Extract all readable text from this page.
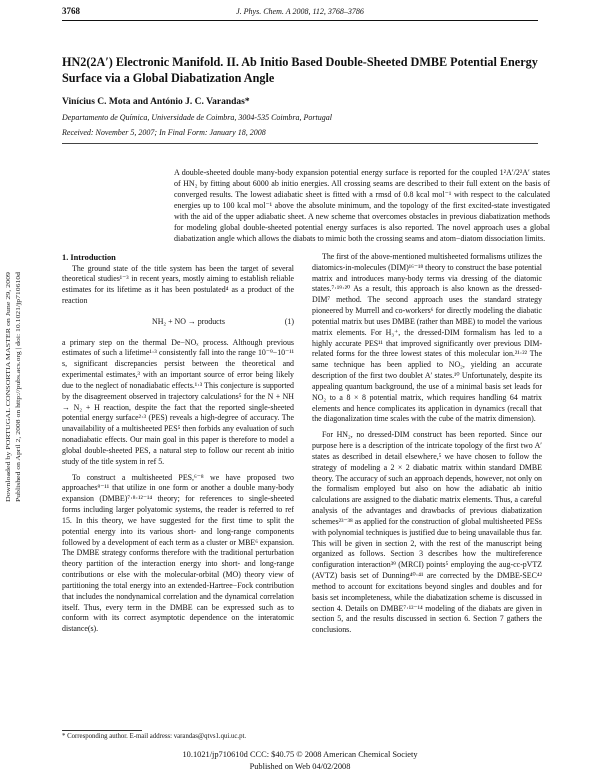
3768	J. Phys. Chem. A 2008, 112, 3768–3786
HN2(2A′) Electronic Manifold. II. Ab Initio Based Double-Sheeted DMBE Potential Energy Surface via a Global Diabatization Angle
Vinícius C. Mota and António J. C. Varandas*
Departamento de Química, Universidade de Coimbra, 3004-535 Coimbra, Portugal
Received: November 5, 2007; In Final Form: January 18, 2008
A double-sheeted double many-body expansion potential energy surface is reported for the coupled 1²A′/2²A′ states of HN₂ by fitting about 6000 ab initio energies. All crossing seams are described to their full extent on the basis of converged results. The lowest adiabatic sheet is fitted with a rmsd of 0.8 kcal mol⁻¹ with respect to the calculated energies up to 100 kcal mol⁻¹ above the absolute minimum, and the topology of the first excited-state investigated with the aid of the upper adiabatic sheet. A new scheme that overcomes obstacles in previous diabatization methods for modeling global double-sheeted potential energy surfaces is also reported. The novel approach uses a global diabatization angle which allows the diabats to mimic both the crossing seams and atom−diatom dissociation limits.
Downloaded by PORTUGAL CONSORTIA MASTER on June 29, 2009 Published on April 2, 2008 on http://pubs.acs.org | doi: 10.1021/jp710610d

1. Introduction

The ground state of the title system has been the target of several theoretical studies¹⁻³ in recent years, mostly aiming to establish reliable estimates for its lifetime as it has been postulated⁴ as a product of the reaction

NH₂ + NO → products	(1)

a primary step on the thermal De−NOₓ process. Although previous estimates of such a lifetime¹·³ consistently fall into the range 10⁻⁹−10⁻¹¹ s, significant discrepancies persist between the theoretical and experimental estimates,³ with an important source of error being likely due to the neglect of nonadiabatic effects.¹·³ This conjecture is supported by the disagreement observed in trajectory calculations⁵ for the N + NH → N₂ + H reaction, despite the fact that the reported single-sheeted potential energy surface²·³ (PES) reveals a high-degree of accuracy. The unavailability of a multisheeted PES⁵ then forbids any evaluation of such nonadiabatic effects. Our main goal in this paper is therefore to model a global double-sheeted PES, a natural step to follow our recent ab initio study of the title system in ref 5.

To construct a multisheeted PES,⁶⁻⁸ we have proposed two approaches⁹⁻¹¹ that utilize in one form or another a double many-body expansion (DMBE)⁷·⁸·¹²⁻¹⁴ theory; for references to single-sheeted forms including larger polyatomic systems, the reader is referred to ref 15. In this theory, we have suggested for the first time to split the potential energy into its various short- and long-range components followed by a development of each term as a cluster or MBE⁶ expansion. The DMBE strategy conforms therefore with the traditional perturbation theory partition of the interaction energy into short- and long-range contributions or else with the molecular-orbital (MO) theory view of partitioning the total energy into an extended-Hartree−Fock contribution that includes the nondynamical correlation and the dynamical correlation itself. Thus, every term in the DMBE can be expressed such as to conform with its correct asymptotic dependence on the interatomic distance(s).

The first of the above-mentioned multisheeted formalisms utilizes the diatomics-in-molecules (DIM)¹⁶⁻¹⁸ theory to construct the base potential matrix and introduces many-body terms via dressing of the diatomic states.⁷·¹⁹·²⁰ As a result, this approach is also known as the dressed-DIM⁷ method. The second approach uses the standard strategy pioneered by Murrell and co-workers⁶ for directly modeling the diabatic potential matrix but uses DMBE (rather than MBE) to model the various matrix elements. For H₃⁺, the dressed-DIM formalism has led to a highly accurate PES¹¹ that improved significantly over previous DIM-related forms for the three lowest states of this molecular ion.²¹·²² The same technique has been applied to NO₂, yielding an accurate description of the first two doublet A′ states.¹⁰ Unfortunately, despite its appealing quantum background, the use of a minimal basis set leads for NO₂ to a 8 × 8 potential matrix, which requires handling 64 matrix elements and hence complicates its application in dynamics (recall that the diagonalization time scales with the cube of the matrix dimension).

For HN₂, no dressed-DIM construct has been reported. Since our purpose here is a description of the intricate topology of the first two A′ states as described in detail elsewhere,⁵ we have chosen to follow the strategy of modeling a 2 × 2 diabatic matrix within standard DMBE theory. The accuracy of such an approach depends, however, not only on the formalism employed but also on how the adiabatic ab initio calculations are assigned to the diabatic matrix elements. Thus, a careful analysis of the advantages and drawbacks of previous diabatization schemes²³⁻³⁸ as applied for the construction of global multisheeted PESs with polynomial techniques is justified due to being unavailable thus far. This will be given in section 2, with the rest of the manuscript being organized as follows. Section 3 describes how the multireference configuration interaction³⁹ (MRCI) points⁵ employing the aug-cc-pVTZ (AVTZ) basis set of Dunning⁴⁰·⁴¹ are corrected by the DMBE-SEC⁴² method to account for excitations beyond singles and doubles and for basis set incompleteness, while the diabatization scheme is discussed in section 4. Details on DMBE⁷·¹²⁻¹⁴ modeling of the diabats are given in section 5, and the results discussed in section 6. Section 7 gathers the conclusions.

* Corresponding author. E-mail address: varandas@qtvs1.qui.uc.pt.
10.1021/jp710610d CCC: $40.75 © 2008 American Chemical Society
Published on Web 04/02/2008
